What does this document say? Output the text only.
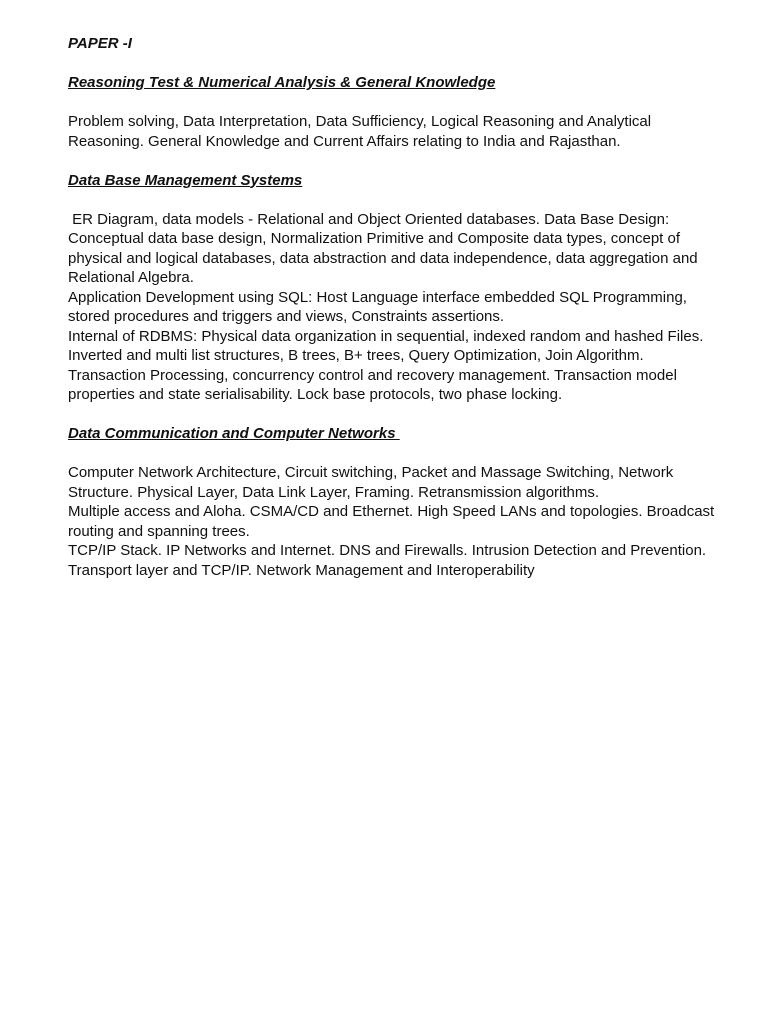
PAPER -I
Reasoning Test & Numerical Analysis & General Knowledge

Problem solving, Data Interpretation, Data Sufficiency, Logical Reasoning and Analytical Reasoning. General Knowledge and Current Affairs relating to India and Rajasthan.

Data Base Management Systems

ER Diagram, data models - Relational and Object Oriented databases. Data Base Design: Conceptual data base design, Normalization Primitive and Composite data types, concept of physical and logical databases, data abstraction and data independence, data aggregation and Relational Algebra.

Application Development using SQL: Host Language interface embedded SQL Programming, stored procedures and triggers and views, Constraints assertions.

Internal of RDBMS: Physical data organization in sequential, indexed random and hashed Files. Inverted and multi list structures, B trees, B+ trees, Query Optimization, Join Algorithm.

Transaction Processing, concurrency control and recovery management. Transaction model properties and state serialisability. Lock base protocols, two phase locking.

Data Communication and Computer Networks

Computer Network Architecture, Circuit switching, Packet and Massage Switching, Network Structure. Physical Layer, Data Link Layer, Framing. Retransmission algorithms.

Multiple access and Aloha. CSMA/CD and Ethernet. High Speed LANs and topologies. Broadcast routing and spanning trees.

TCP/IP Stack. IP Networks and Internet. DNS and Firewalls. Intrusion Detection and Prevention. Transport layer and TCP/IP. Network Management and Interoperability
